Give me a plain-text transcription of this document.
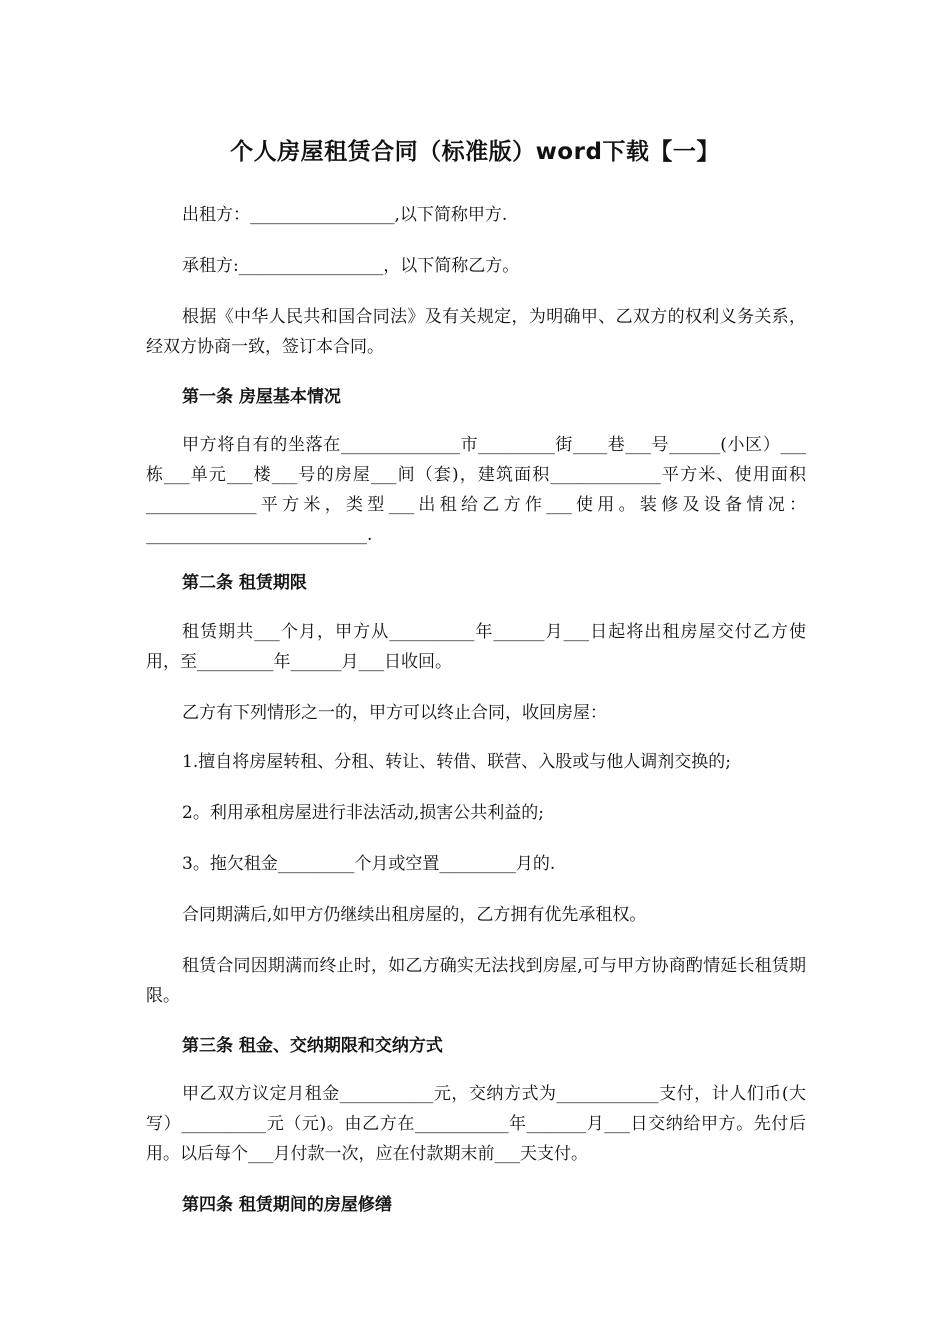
个人房屋租赁合同（标准版）word下载【一】

出租方：_________________,以下简称甲方.

承租方:_________________，以下简称乙方。

根据《中华人民共和国合同法》及有关规定，为明确甲、乙双方的权利义务关系，经双方协商一致，签订本合同。

第一条 房屋基本情况

甲方将自有的坐落在______________市_________街____巷___号______(小区）___栋___单元___楼___号的房屋___间（套)，建筑面积_____________平方米、使用面积_____________平方米，类型___出租给乙方作___使用。装修及设备情况：__________________________.

第二条 租赁期限

租赁期共___个月，甲方从__________年______月___日起将出租房屋交付乙方使用，至_________年______月___日收回。

乙方有下列情形之一的，甲方可以终止合同，收回房屋：

1.擅自将房屋转租、分租、转让、转借、联营、入股或与他人调剂交换的;

2。利用承租房屋进行非法活动,损害公共利益的;

3。拖欠租金_________个月或空置_________月的.

合同期满后,如甲方仍继续出租房屋的，乙方拥有优先承租权。

租赁合同因期满而终止时，如乙方确实无法找到房屋,可与甲方协商酌情延长租赁期限。

第三条 租金、交纳期限和交纳方式

甲乙双方议定月租金___________元，交纳方式为____________支付，计人们币(大写）__________元（元)。由乙方在___________年_______月___日交纳给甲方。先付后用。以后每个___月付款一次，应在付款期末前___天支付。

第四条 租赁期间的房屋修缮
